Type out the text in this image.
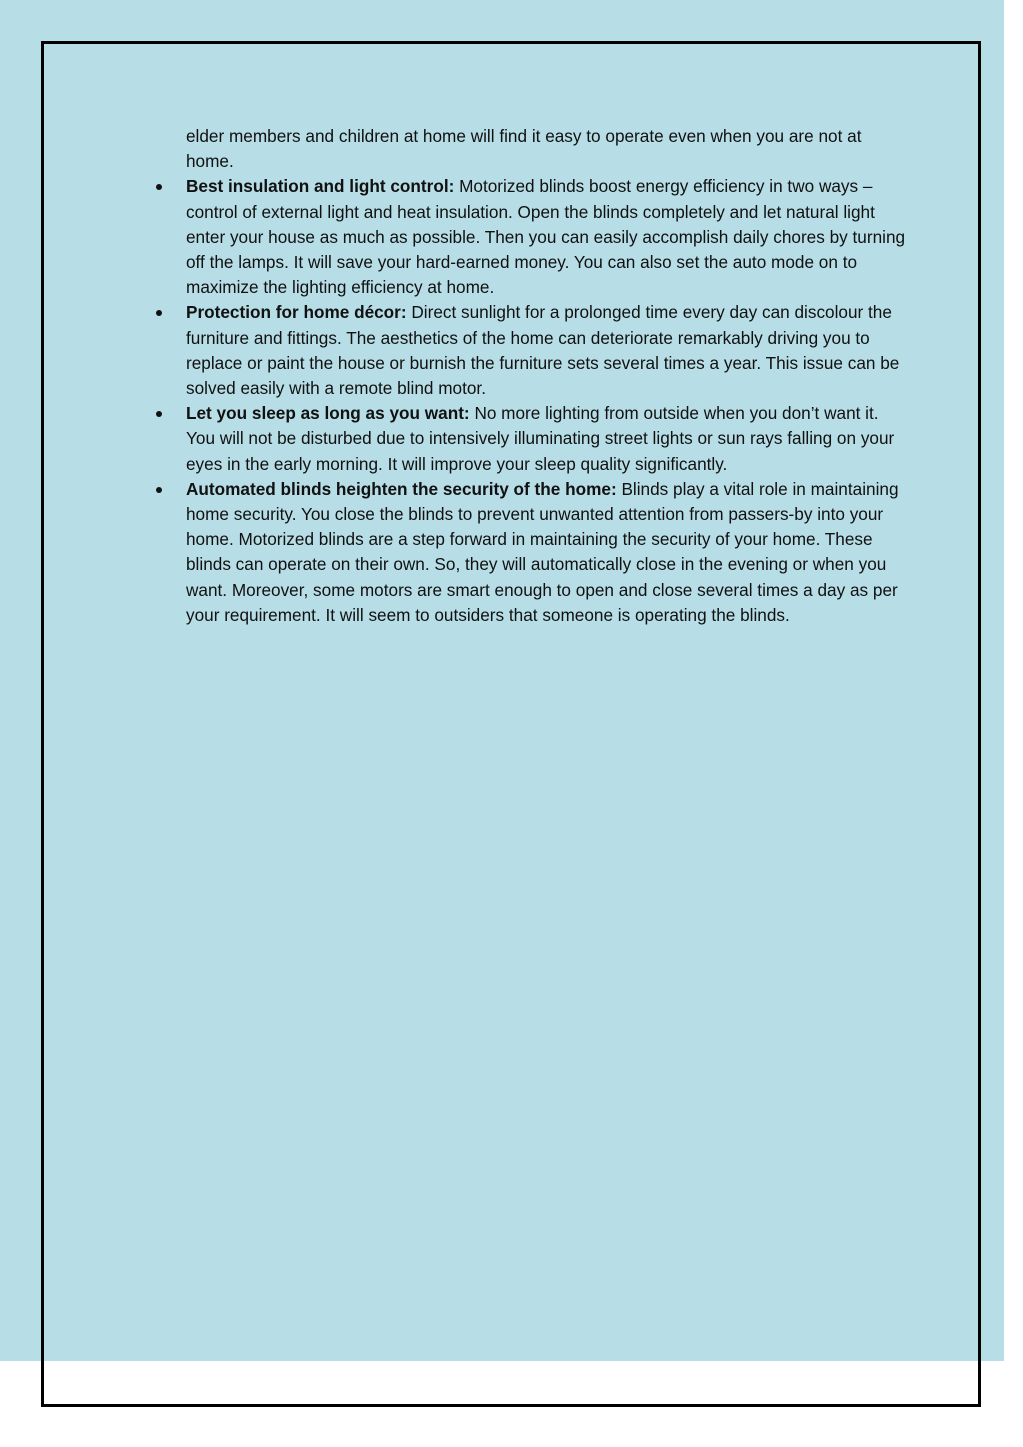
elder members and children at home will find it easy to operate even when you are not at home.

Best insulation and light control: Motorized blinds boost energy efficiency in two ways – control of external light and heat insulation. Open the blinds completely and let natural light enter your house as much as possible. Then you can easily accomplish daily chores by turning off the lamps. It will save your hard-earned money. You can also set the auto mode on to maximize the lighting efficiency at home.
Protection for home décor: Direct sunlight for a prolonged time every day can discolour the furniture and fittings. The aesthetics of the home can deteriorate remarkably driving you to replace or paint the house or burnish the furniture sets several times a year. This issue can be solved easily with a remote blind motor.
Let you sleep as long as you want: No more lighting from outside when you don’t want it. You will not be disturbed due to intensively illuminating street lights or sun rays falling on your eyes in the early morning. It will improve your sleep quality significantly.
Automated blinds heighten the security of the home: Blinds play a vital role in maintaining home security. You close the blinds to prevent unwanted attention from passers-by into your home. Motorized blinds are a step forward in maintaining the security of your home. These blinds can operate on their own. So, they will automatically close in the evening or when you want. Moreover, some motors are smart enough to open and close several times a day as per your requirement. It will seem to outsiders that someone is operating the blinds.
